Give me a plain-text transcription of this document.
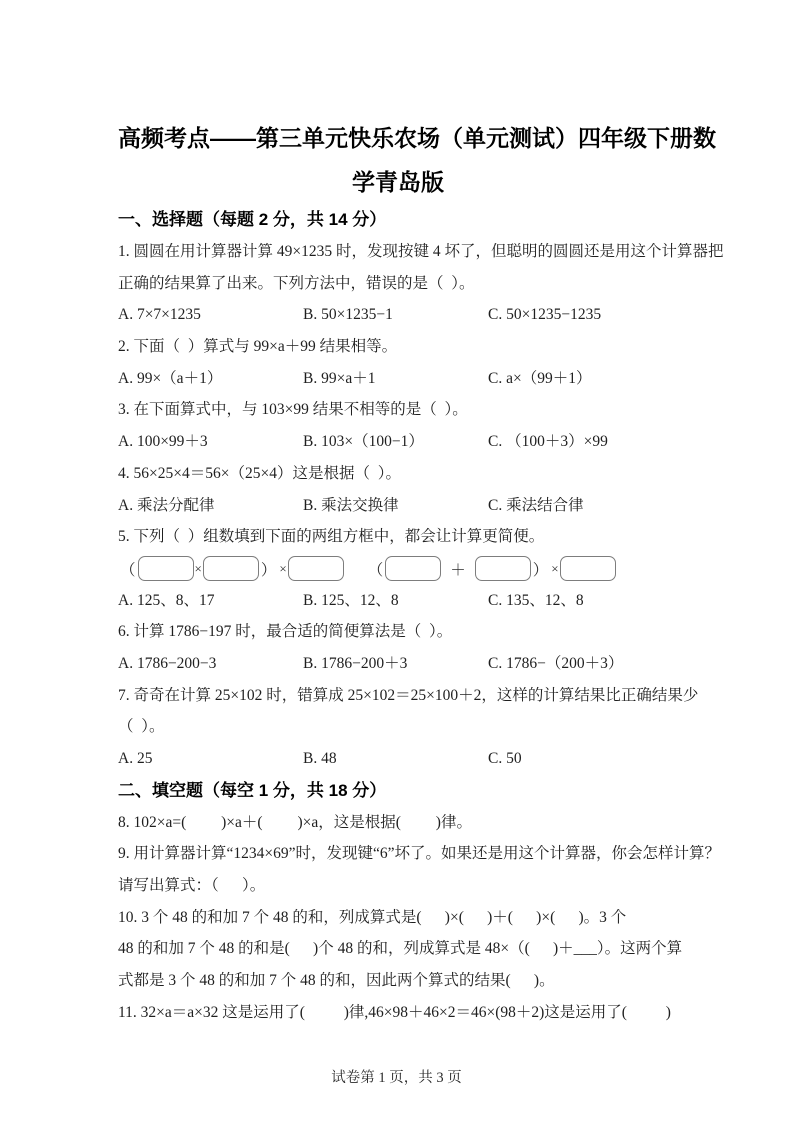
高频考点——第三单元快乐农场（单元测试）四年级下册数
学青岛版
一、选择题（每题 2 分，共 14 分）
1. 圆圆在用计算器计算 49×1235 时，发现按键 4 坏了，但聪明的圆圆还是用这个计算器把
正确的结果算了出来。下列方法中，错误的是（  ）。
A. 7×7×1235	B. 50×1235−1	C. 50×1235−1235
2. 下面（  ）算式与 99×a＋99 结果相等。
A. 99×（a＋1）	B. 99×a＋1	C. a×（99＋1）
3. 在下面算式中，与 103×99 结果不相等的是（  ）。
A. 100×99＋3	B. 103×（100−1）	C. （100＋3）×99
4. 56×25×4＝56×（25×4）这是根据（  ）。
A. 乘法分配律	B. 乘法交换律	C. 乘法结合律
5. 下列（  ）组数填到下面的两组方框中，都会让计算更简便。
（	×	） ×	（	＋	） ×
A. 125、8、17	B. 125、12、8	C. 135、12、8
6. 计算 1786−197 时，最合适的简便算法是（  ）。
A. 1786−200−3	B. 1786−200＋3	C. 1786−（200＋3）
7. 奇奇在计算 25×102 时，错算成 25×102＝25×100＋2，这样的计算结果比正确结果少
（  ）。
A. 25	B. 48	C. 50
二、填空题（每空 1 分，共 18 分）
8. 102×a=(         )×a＋(         )×a，这是根据(         )律。
9. 用计算器计算“1234×69”时，发现键“6”坏了。如果还是用这个计算器，你会怎样计算？
请写出算式：（      ）。
10. 3 个 48 的和加 7 个 48 的和，列成算式是(      )×(      )＋(      )×(      )。3 个
48 的和加 7 个 48 的和是(      )个 48 的和，列成算式是 48×（(      )＋___）。这两个算
式都是 3 个 48 的和加 7 个 48 的和，因此两个算式的结果(      )。
11. 32×a＝a×32 这是运用了(          )律,46×98＋46×2＝46×(98＋2)这是运用了(          )
试卷第 1 页，共 3 页
